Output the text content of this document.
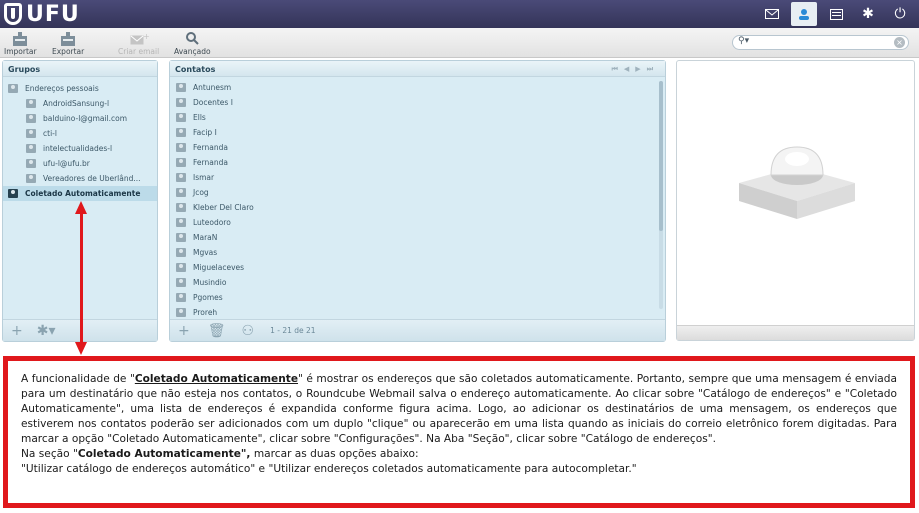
UFU	✱	⏻
Importar Exportar
+
Criar email Avançado
⚲▾	×
Grupos
Endereços pessoais
AndroidSansung-l
balduino-l@gmail.com
cti-l
intelectualidades-l
ufu-l@ufu.br
Vereadores de Uberlând...
Coletado Automaticamente
+ ✱▾
Contatos	⏮◀▶⏭
Antunesm
Docentes I
Ells
Facip I
Fernanda
Fernanda
Ismar
Jcog
Kleber Del Claro
Luteodoro
MaraN
Mgvas
Miguelaceves
Musindio
Pgomes
Proreh
+ 🗑 ⚇ 1 - 21 de 21

A funcionalidade de "Coletado Automaticamente" é mostrar os endereços que são coletados automaticamente. Portanto, sempre que uma mensagem é enviada para um destinatário que não esteja nos contatos, o Roundcube Webmail salva o endereço automaticamente. Ao clicar sobre "Catálogo de endereços" e "Coletado Automaticamente", uma lista de endereços é expandida conforme figura acima. Logo, ao adicionar os destinatários de uma mensagem, os endereços que estiverem nos contatos poderão ser adicionados com um duplo "clique" ou aparecerão em uma lista quando as iniciais do correio eletrônico forem digitadas. Para marcar a opção "Coletado Automaticamente", clicar sobre "Configurações". Na Aba "Seção", clicar sobre "Catálogo de endereços".

Na seção "Coletado Automaticamente", marcar as duas opções abaixo:

"Utilizar catálogo de endereços automático" e "Utilizar endereços coletados automaticamente para autocompletar."
